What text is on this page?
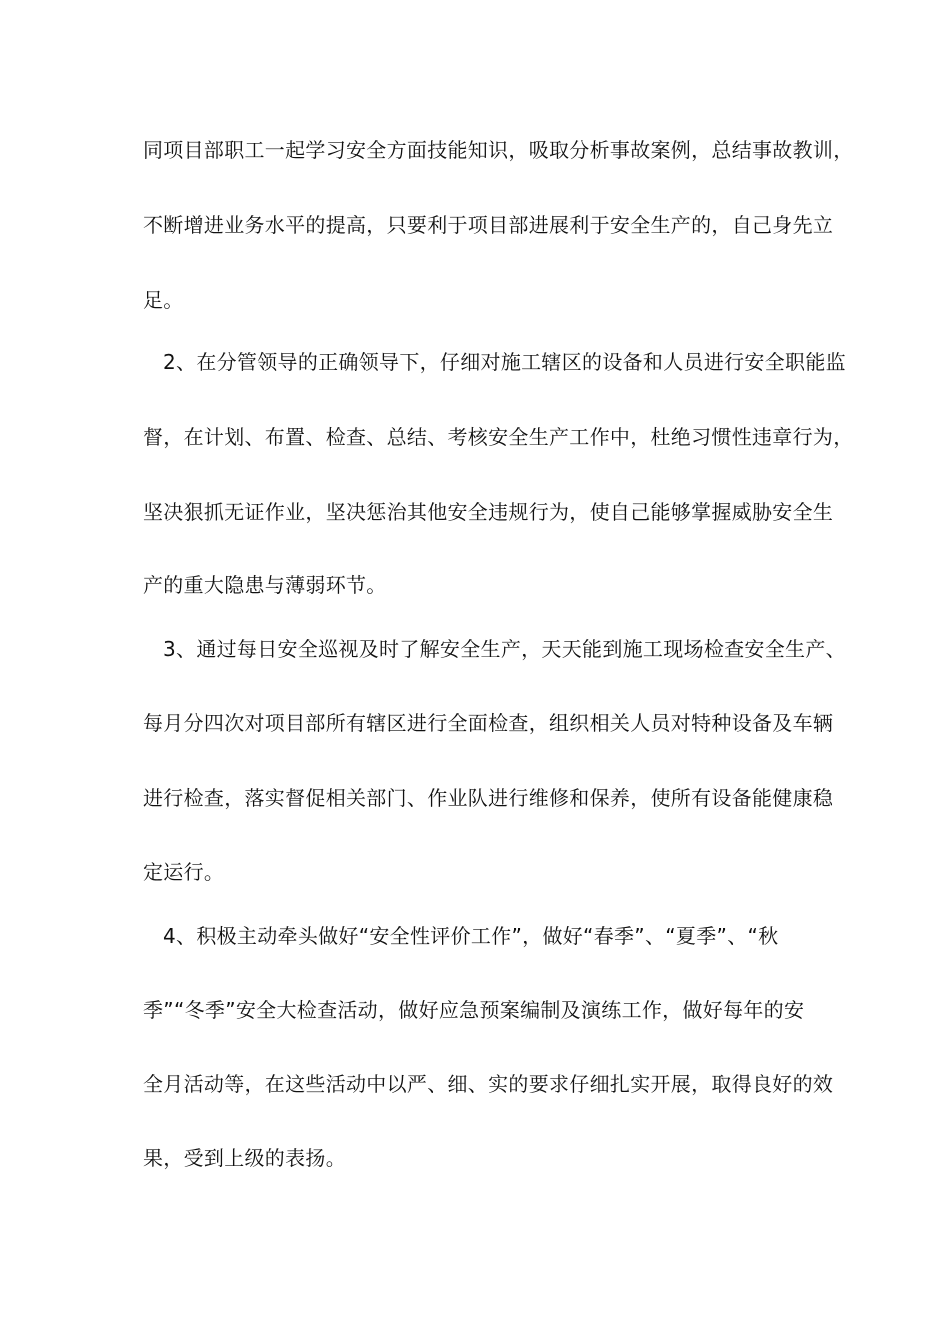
同项目部职工一起学习安全方面技能知识，吸取分析事故案例，总结事故教训，
不断增进业务水平的提高，只要利于项目部进展利于安全生产的，自己身先立
足。
2、在分管领导的正确领导下，仔细对施工辖区的设备和人员进行安全职能监
督，在计划、布置、检查、总结、考核安全生产工作中，杜绝习惯性违章行为，
坚决狠抓无证作业，坚决惩治其他安全违规行为，使自己能够掌握威胁安全生
产的重大隐患与薄弱环节。
3、通过每日安全巡视及时了解安全生产，天天能到施工现场检查安全生产、
每月分四次对项目部所有辖区进行全面检查，组织相关人员对特种设备及车辆
进行检查，落实督促相关部门、作业队进行维修和保养，使所有设备能健康稳
定运行。
4、积极主动牵头做好“安全性评价工作”，做好“春季”、“夏季”、“秋
季”“冬季”安全大检查活动，做好应急预案编制及演练工作，做好每年的安
全月活动等，在这些活动中以严、细、实的要求仔细扎实开展，取得良好的效
果，受到上级的表扬。
